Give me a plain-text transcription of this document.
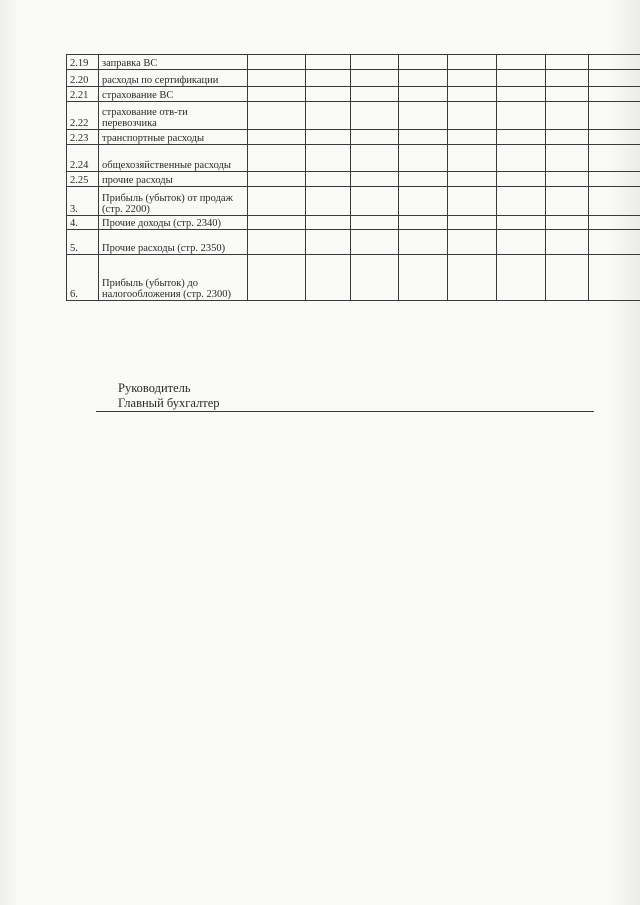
2.19	заправка ВС								
2.20	расходы по сертификации								
2.21	страхование ВС								
2.22	страхование отв-ти перевозчика								
2.23	транспортные расходы								
2.24	общехозяйственные расходы								
2.25	прочие расходы								
3.	Прибыль (убыток) от продаж (стр. 2200)								
4.	Прочие доходы (стр. 2340)								
5.	Прочие расходы (стр. 2350)								
6.	Прибыль (убыток) до налогообложения (стр. 2300)								
Руководитель
Главный бухгалтер
